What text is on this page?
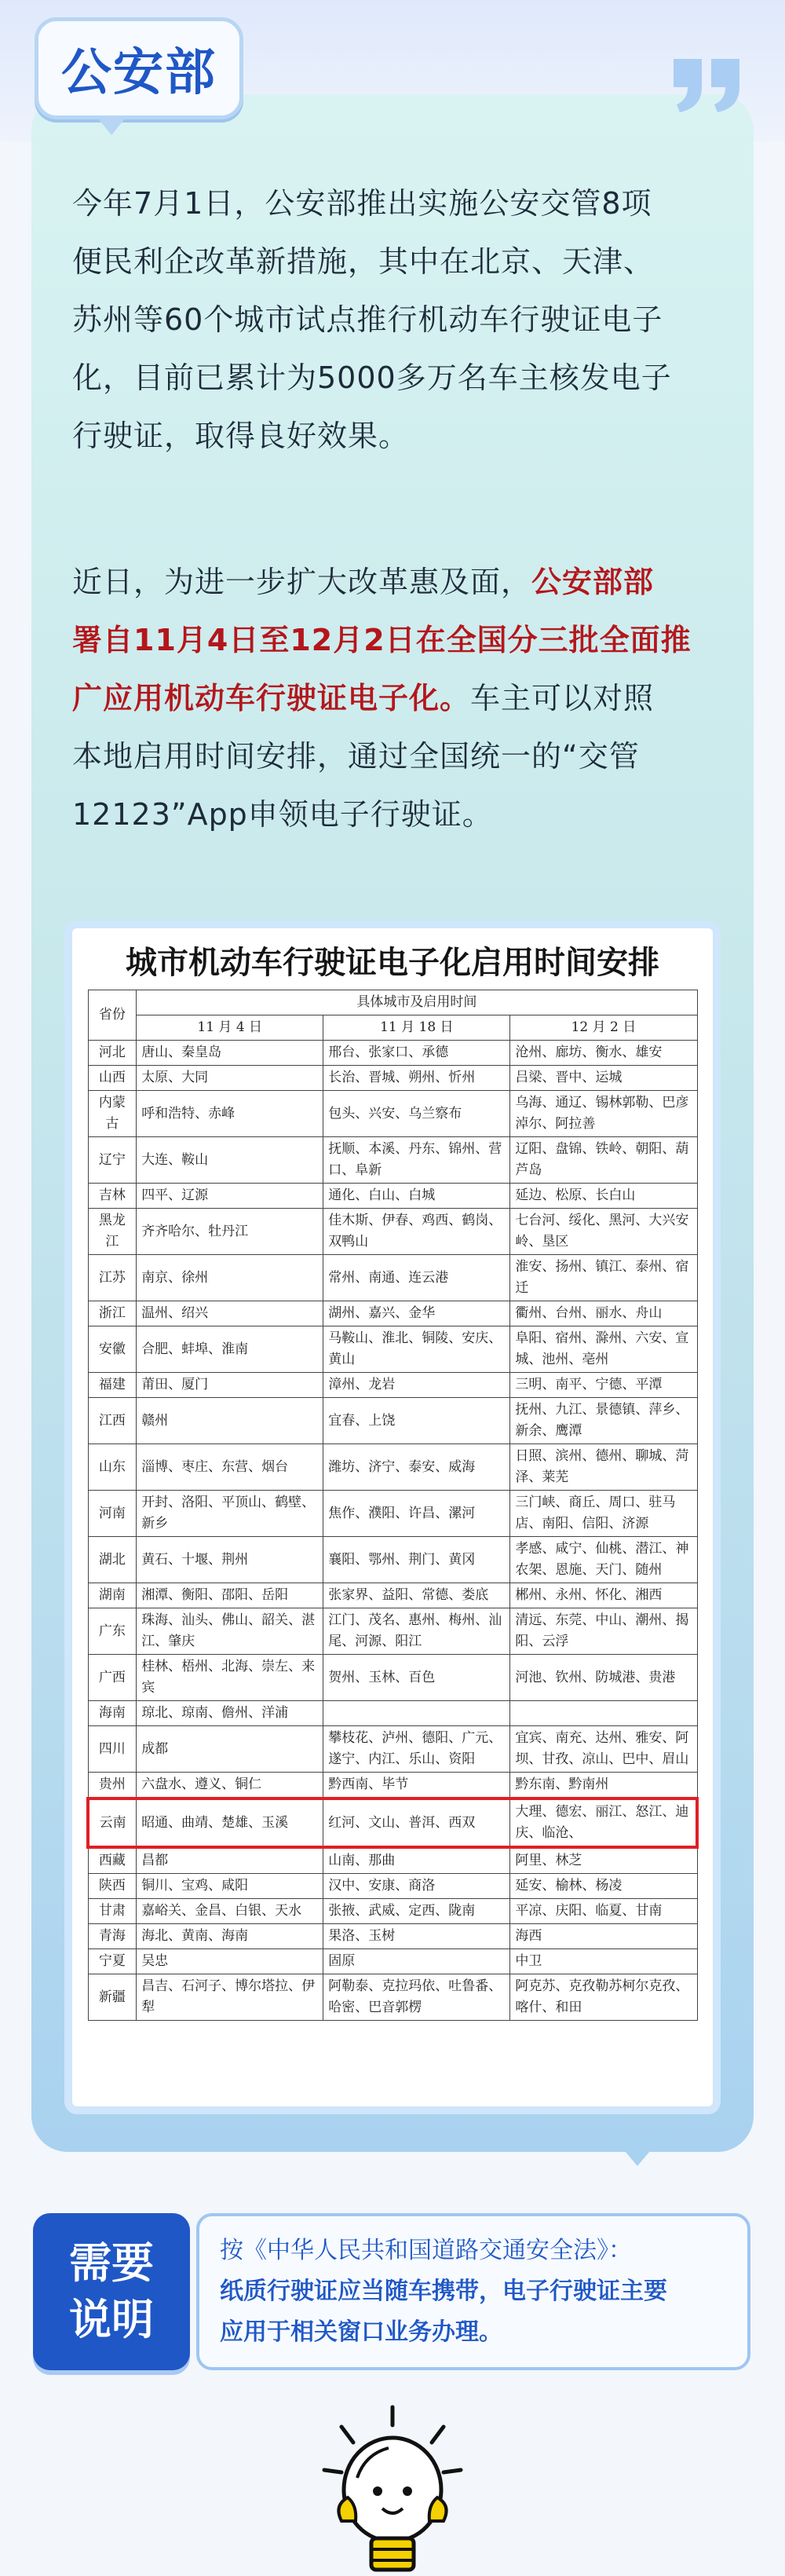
公安部
今年7月1日，公安部推出实施公安交管8项
便民利企改革新措施，其中在北京、天津、
苏州等60个城市试点推行机动车行驶证电子
化，目前已累计为5000多万名车主核发电子
行驶证，取得良好效果。
近日，为进一步扩大改革惠及面，公安部部
署自11月4日至12月2日在全国分三批全面推
广应用机动车行驶证电子化。车主可以对照
本地启用时间安排，通过全国统一的“交管
12123”App申领电子行驶证。
城市机动车行驶证电子化启用时间安排
省份	具体城市及启用时间		
	11 月 4 日	11 月 18 日	12 月 2 日
河北	唐山、秦皇岛	邢台、张家口、承德	沧州、廊坊、衡水、雄安
山西	太原、大同	长治、晋城、朔州、忻州	吕梁、晋中、运城
内蒙古	呼和浩特、赤峰	包头、兴安、乌兰察布	乌海、通辽、锡林郭勒、巴彦淖尔、阿拉善
辽宁	大连、鞍山	抚顺、本溪、丹东、锦州、营口、阜新	辽阳、盘锦、铁岭、朝阳、葫芦岛
吉林	四平、辽源	通化、白山、白城	延边、松原、长白山
黑龙江	齐齐哈尔、牡丹江	佳木斯、伊春、鸡西、鹤岗、双鸭山	七台河、绥化、黑河、大兴安岭、垦区
江苏	南京、徐州	常州、南通、连云港	淮安、扬州、镇江、泰州、宿迁
浙江	温州、绍兴	湖州、嘉兴、金华	衢州、台州、丽水、舟山
安徽	合肥、蚌埠、淮南	马鞍山、淮北、铜陵、安庆、黄山	阜阳、宿州、滁州、六安、宣城、池州、亳州
福建	莆田、厦门	漳州、龙岩	三明、南平、宁德、平潭
江西	赣州	宜春、上饶	抚州、九江、景德镇、萍乡、新余、鹰潭
山东	淄博、枣庄、东营、烟台	潍坊、济宁、泰安、威海	日照、滨州、德州、聊城、菏泽、莱芜
河南	开封、洛阳、平顶山、鹤壁、新乡	焦作、濮阳、许昌、漯河	三门峡、商丘、周口、驻马店、南阳、信阳、济源
湖北	黄石、十堰、荆州	襄阳、鄂州、荆门、黄冈	孝感、咸宁、仙桃、潜江、神农架、恩施、天门、随州
湖南	湘潭、衡阳、邵阳、岳阳	张家界、益阳、常德、娄底	郴州、永州、怀化、湘西
广东	珠海、汕头、佛山、韶关、湛江、肇庆	江门、茂名、惠州、梅州、汕尾、河源、阳江	清远、东莞、中山、潮州、揭阳、云浮
广西	桂林、梧州、北海、崇左、来宾	贺州、玉林、百色	河池、钦州、防城港、贵港
海南	琼北、琼南、儋州、洋浦		
四川	成都	攀枝花、泸州、德阳、广元、遂宁、内江、乐山、资阳	宜宾、南充、达州、雅安、阿坝、甘孜、凉山、巴中、眉山
贵州	六盘水、遵义、铜仁	黔西南、毕节	黔东南、黔南州
云南	昭通、曲靖、楚雄、玉溪	红河、文山、普洱、西双	大理、德宏、丽江、怒江、迪庆、临沧、
西藏	昌都	山南、那曲	阿里、林芝
陕西	铜川、宝鸡、咸阳	汉中、安康、商洛	延安、榆林、杨凌
甘肃	嘉峪关、金昌、白银、天水	张掖、武威、定西、陇南	平凉、庆阳、临夏、甘南
青海	海北、黄南、海南	果洛、玉树	海西
宁夏	吴忠	固原	中卫
新疆	昌吉、石河子、博尔塔拉、伊犁	阿勒泰、克拉玛依、吐鲁番、哈密、巴音郭楞	阿克苏、克孜勒苏柯尔克孜、喀什、和田
需要
说明
按《中华人民共和国道路交通安全法》：
纸质行驶证应当随车携带，电子行驶证主要
应用于相关窗口业务办理。
